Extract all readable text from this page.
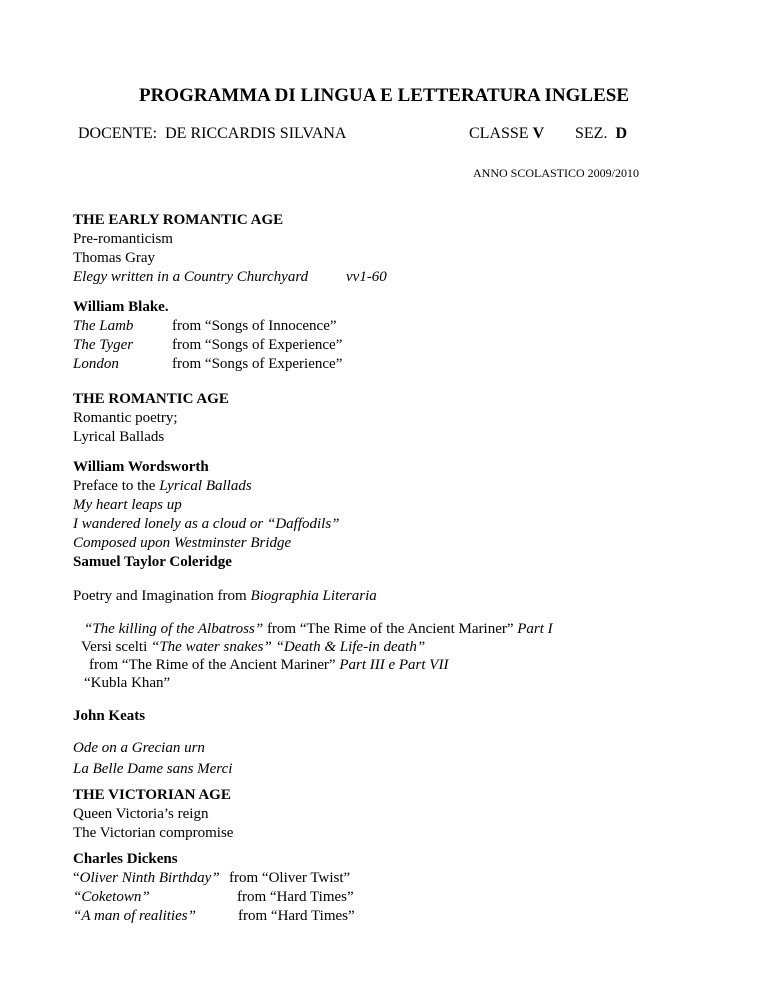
PROGRAMMA DI LINGUA E LETTERATURA INGLESE
DOCENTE: DE RICCARDIS SILVANA	CLASSE V SEZ. D
ANNO SCOLASTICO 2009/2010
THE EARLY ROMANTIC AGE
Pre-romanticism
Thomas Gray
Elegy written in a Country Churchyard	vv1-60
William Blake.
The Lamb	from “Songs of Innocence”
The Tyger	from “Songs of Experience”
London	from “Songs of Experience”
THE ROMANTIC AGE
Romantic poetry;
Lyrical Ballads
William Wordsworth
Preface to the Lyrical Ballads
My heart leaps up
I wandered lonely as a cloud or “Daffodils”
Composed upon Westminster Bridge
Samuel Taylor Coleridge
Poetry and Imagination from Biographia Literaria
“The killing of the Albatross” from “The Rime of the Ancient Mariner” Part I
Versi scelti “The water snakes” “Death & Life-in death”
from “The Rime of the Ancient Mariner” Part III e Part VII
“Kubla Khan”
John Keats
Ode on a Grecian urn
La Belle Dame sans Merci
THE VICTORIAN AGE
Queen Victoria’s reign
The Victorian compromise
Charles Dickens
“Oliver Ninth Birthday” from “Oliver Twist”
“Coketown”	from “Hard Times”
“A man of realities”	from “Hard Times”
